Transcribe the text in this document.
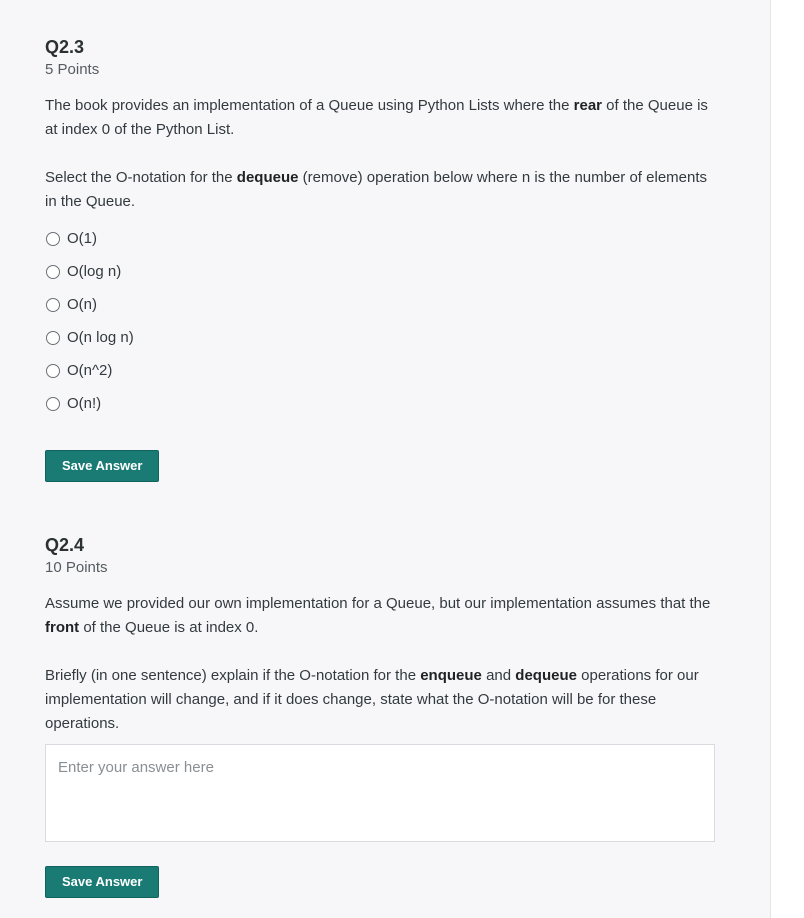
Q2.3
5 Points

The book provides an implementation of a Queue using Python Lists where the rear of the Queue is at index 0 of the Python List.

Select the O-notation for the dequeue (remove) operation below where n is the number of elements in the Queue.

O(1)
O(log n)
O(n)
O(n log n)
O(n^2)
O(n!)
Save Answer
Q2.4
10 Points

Assume we provided our own implementation for a Queue, but our implementation assumes that the front of the Queue is at index 0.

Briefly (in one sentence) explain if the O-notation for the enqueue and dequeue operations for our implementation will change, and if it does change, state what the O-notation will be for these operations.

Enter your answer here Save Answer
